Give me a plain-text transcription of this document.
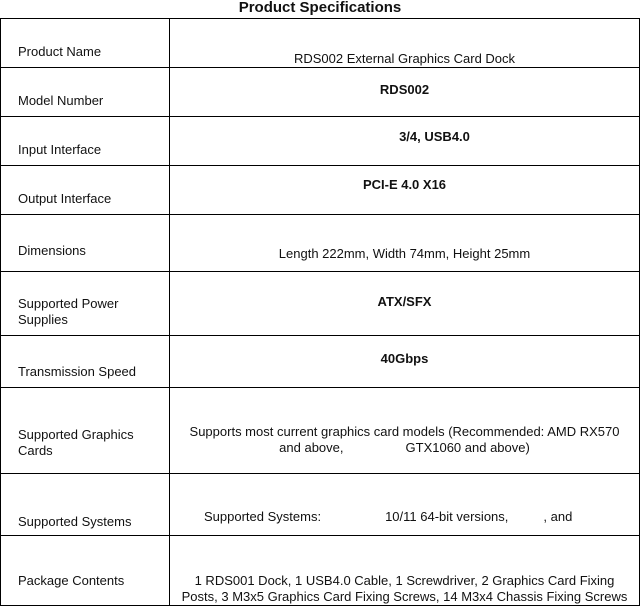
Product Specifications
Product Name	RDS002 External Graphics Card Dock
Model Number	RDS002
Input Interface	3/4, USB4.0
Output Interface	PCI-E 4.0 X16
Dimensions	Length 222mm, Width 74mm, Height 25mm
Supported Power Supplies	ATX/SFX
Transmission Speed	40Gbps
Supported Graphics Cards	Supports most current graphics card models (Recommended: AMD RX570
and above, GTX1060 and above)

Supported Systems	Supported Systems: 10/11 64-bit versions, , and
Package Contents	1 RDS001 Dock, 1 USB4.0 Cable, 1 Screwdriver, 2 Graphics Card Fixing
Posts, 3 M3x5 Graphics Card Fixing Screws, 14 M3x4 Chassis Fixing Screws
